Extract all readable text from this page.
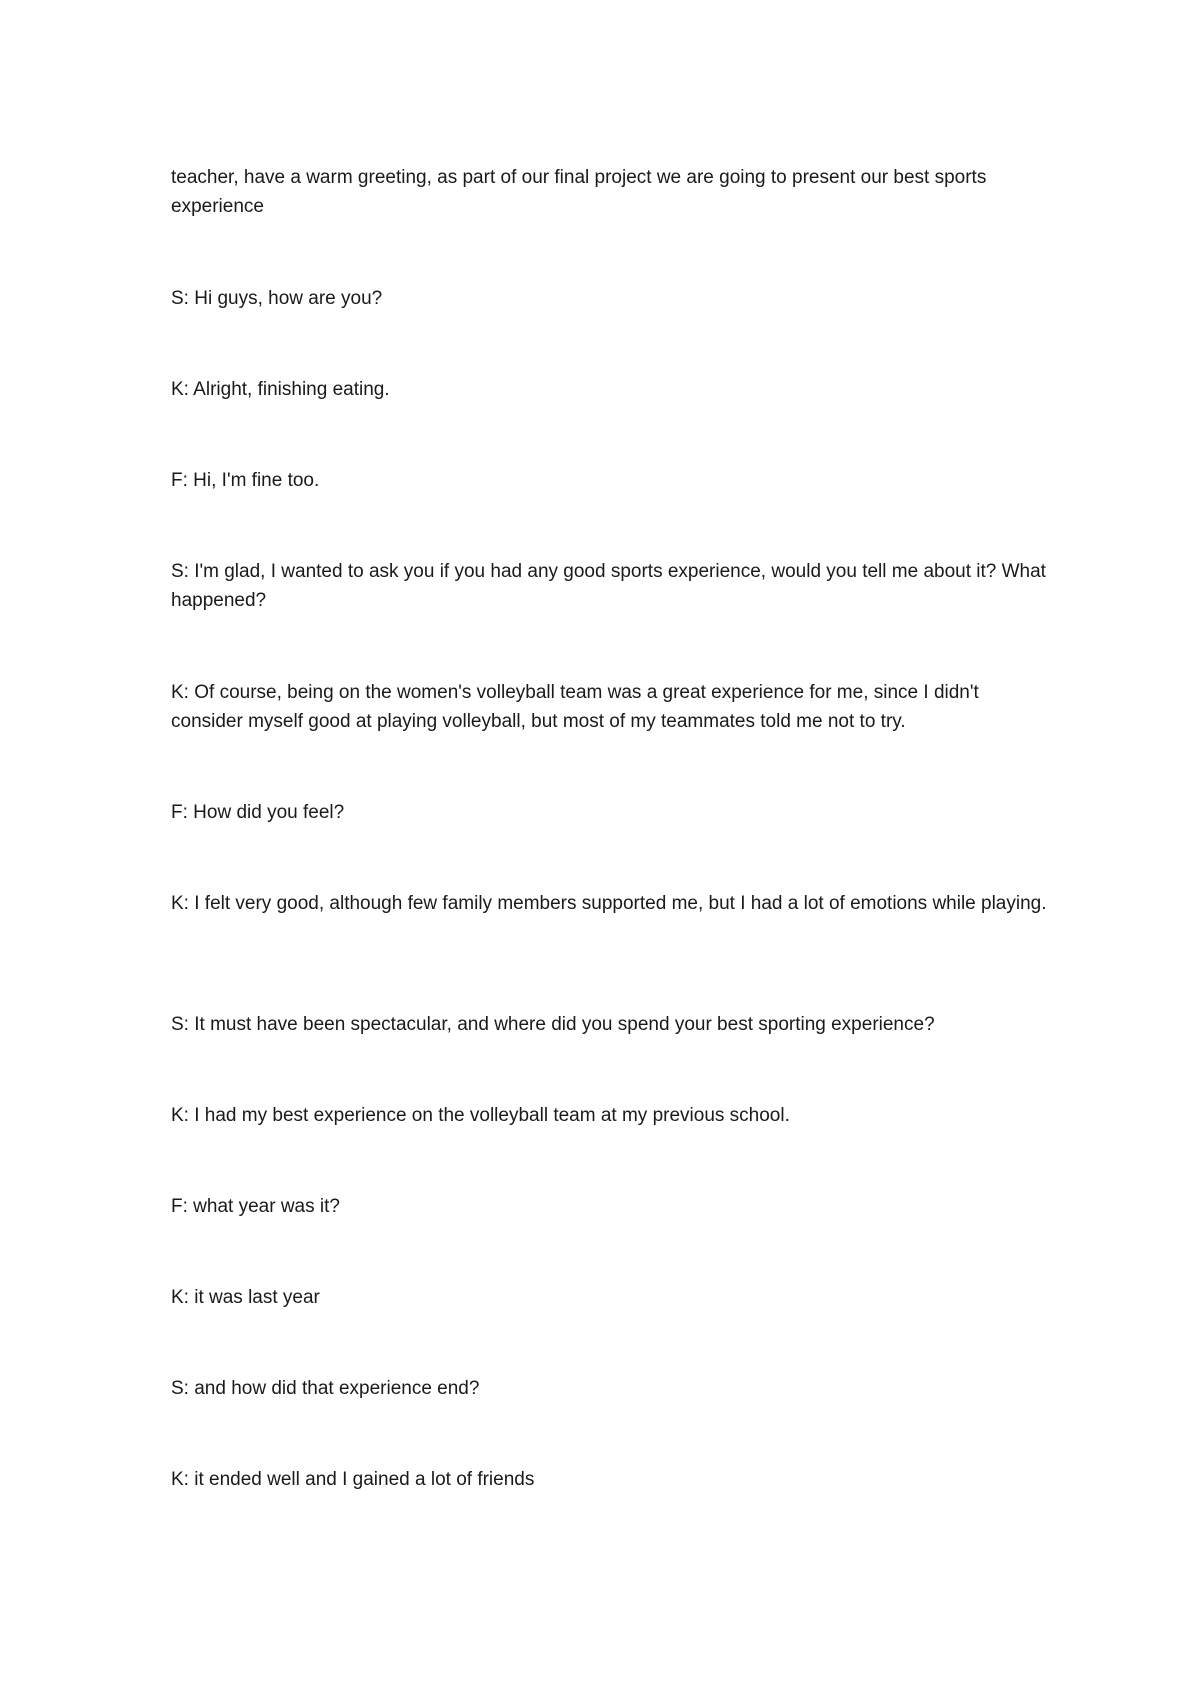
teacher, have a warm greeting, as part of our final project we are going to present our best sports experience

S: Hi guys, how are you?

K: Alright, finishing eating.

F: Hi, I'm fine too.

S: I'm glad, I wanted to ask you if you had any good sports experience, would you tell me about it? What happened?

K: Of course, being on the women's volleyball team was a great experience for me, since I didn't consider myself good at playing volleyball, but most of my teammates told me not to try.

F: How did you feel?

K: I felt very good, although few family members supported me, but I had a lot of emotions while playing.

S: It must have been spectacular, and where did you spend your best sporting experience?

K: I had my best experience on the volleyball team at my previous school.

F: what year was it?

K: it was last year

S: and how did that experience end?

K: it ended well and I gained a lot of friends
